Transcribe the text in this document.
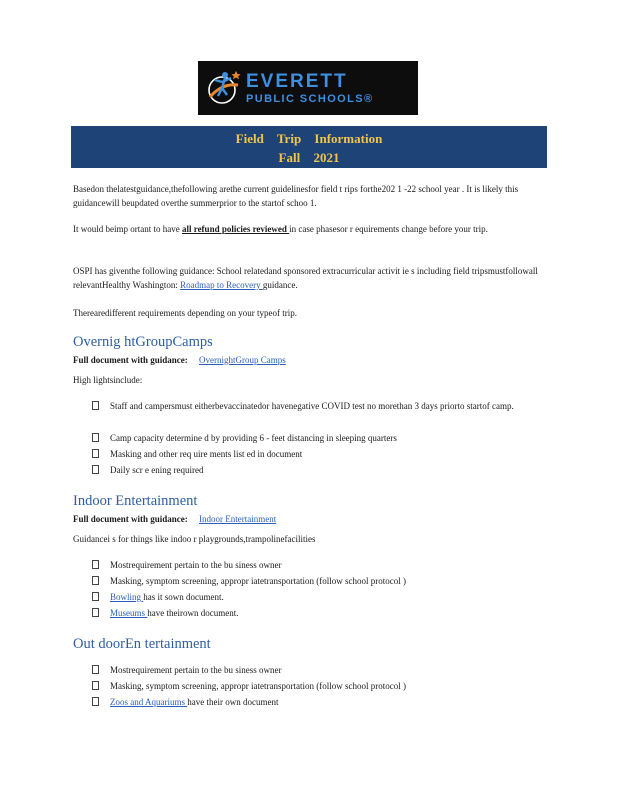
EVERETT
PUBLIC SCHOOLS®
Field Trip Information
Fall 2021
Basedon thelatestguidance,thefollowing arethe current guidelinesfor field t rips forthe202 1 -22 school year . It is likely this guidancewill beupdated overthe summerprior to the startof schoo 1.
It would beimp ortant to have all refund policies reviewed in case phasesor r equirements change before your trip.
OSPI has giventhe following guidance: School relatedand sponsored extracurricular activit ie s including field tripsmustfollowall relevantHealthy Washington: Roadmap to Recovery guidance.
Therearedifferent requirements depending on your typeof trip.
Overnig htGroupCamps
Full document with guidance: OvernightGroup Camps
High lightsinclude:
Staff and campersmust eitherbevaccinatedor havenegative COVID test no morethan 3 days priorto startof camp.
Camp capacity determine d by providing 6 - feet distancing in sleeping quarters
Masking and other req uire ments list ed in document
Daily scr e ening required
Indoor Entertainment
Full document with guidance: Indoor Entertainment
Guidancei s for things like indoo r playgrounds,trampolinefacilities
Mostrequirement pertain to the bu siness owner
Masking, symptom screening, appropr iatetransportation (follow school protocol )
Bowling has it sown document.
Museums have theirown document.
Out doorEn tertainment
Mostrequirement pertain to the bu siness owner
Masking, symptom screening, appropr iatetransportation (follow school protocol )
Zoos and Aquariums have their own document
